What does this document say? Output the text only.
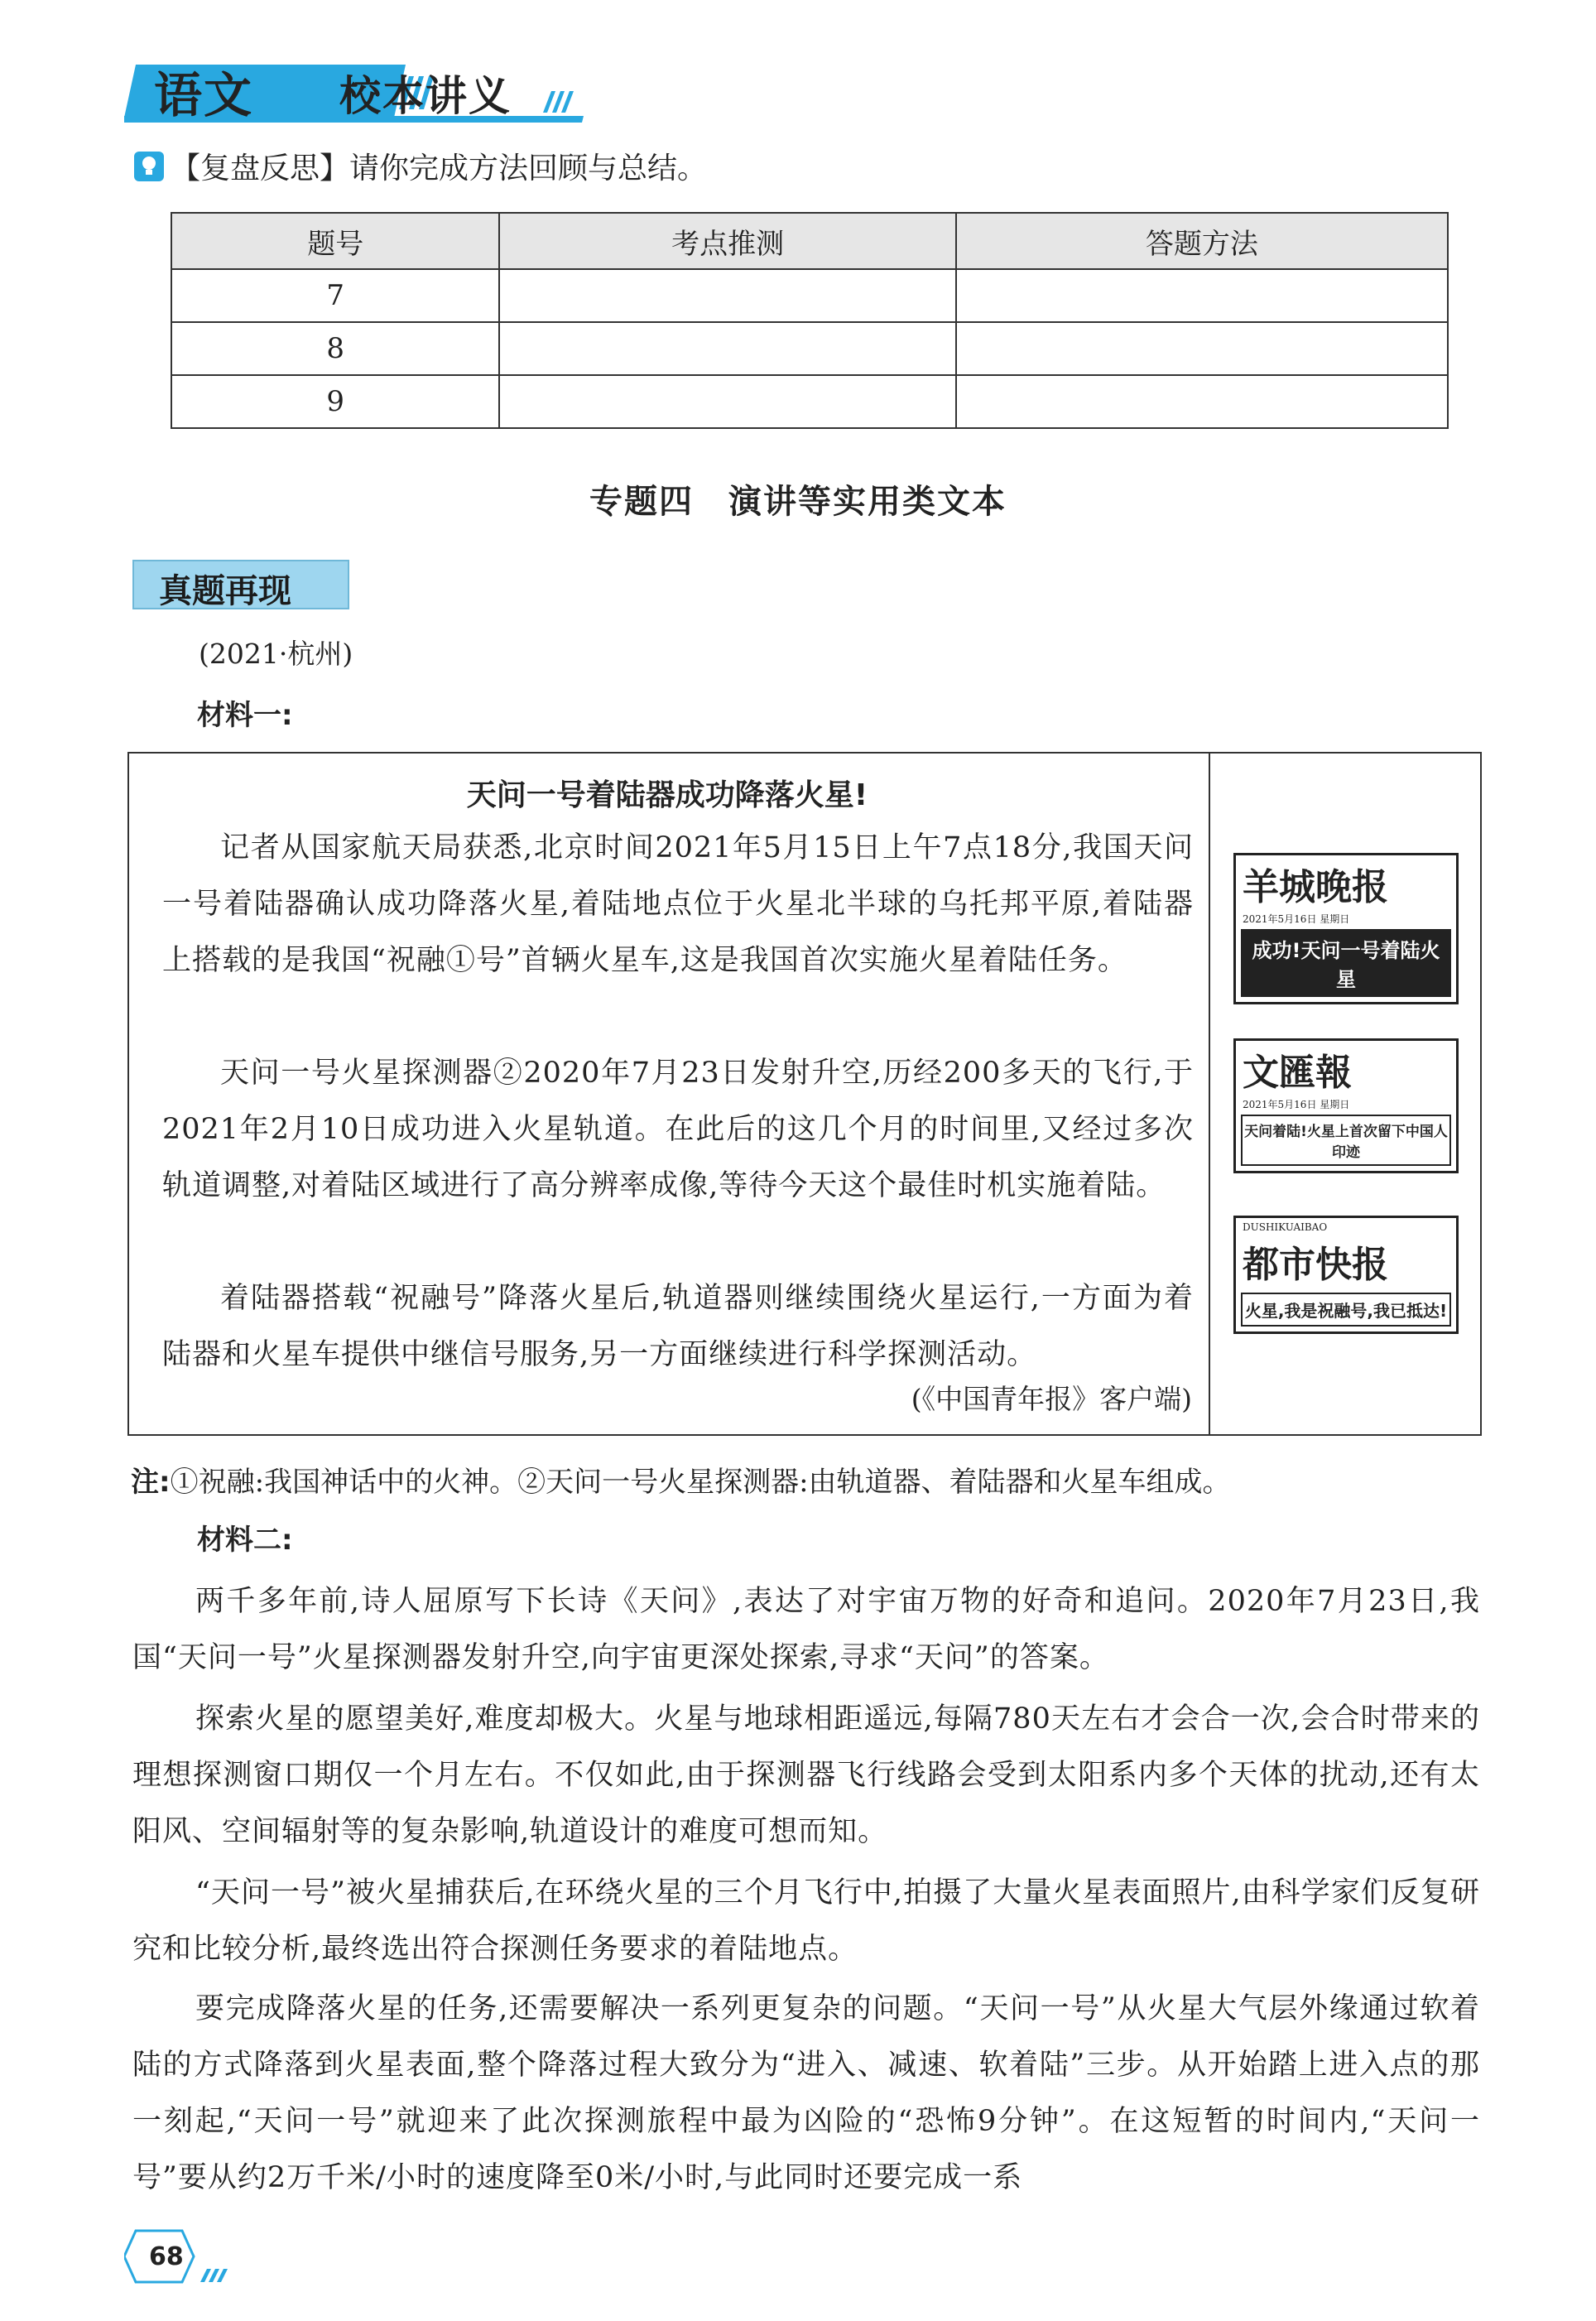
语文 校本讲义
【复盘反思】请你完成方法回顾与总结。
题号	考点推测	答题方法
7		
8		
9		
专题四　演讲等实用类文本
真题再现
(2021·杭州)
材料一:
天问一号着陆器成功降落火星!
记者从国家航天局获悉,北京时间2021年5月15日上午7点18分,我国天问一号着陆器确认成功降落火星,着陆地点位于火星北半球的乌托邦平原,着陆器上搭载的是我国“祝融①号”首辆火星车,这是我国首次实施火星着陆任务。
天问一号火星探测器②2020年7月23日发射升空,历经200多天的飞行,于2021年2月10日成功进入火星轨道。在此后的这几个月的时间里,又经过多次轨道调整,对着陆区域进行了高分辨率成像,等待今天这个最佳时机实施着陆。
着陆器搭载“祝融号”降落火星后,轨道器则继续围绕火星运行,一方面为着陆器和火星车提供中继信号服务,另一方面继续进行科学探测活动。
(《中国青年报》客户端)
羊城晚报
2021年5月16日 星期日
成功!天问一号着陆火星
文匯報
2021年5月16日 星期日
天问着陆!火星上首次留下中国人印迹
DUSHIKUAIBAO
都市快报
火星,我是祝融号,我已抵达!
注:①祝融:我国神话中的火神。②天问一号火星探测器:由轨道器、着陆器和火星车组成。
材料二:
两千多年前,诗人屈原写下长诗《天问》,表达了对宇宙万物的好奇和追问。2020年7月23日,我国“天问一号”火星探测器发射升空,向宇宙更深处探索,寻求“天问”的答案。
探索火星的愿望美好,难度却极大。火星与地球相距遥远,每隔780天左右才会合一次,会合时带来的理想探测窗口期仅一个月左右。不仅如此,由于探测器飞行线路会受到太阳系内多个天体的扰动,还有太阳风、空间辐射等的复杂影响,轨道设计的难度可想而知。
“天问一号”被火星捕获后,在环绕火星的三个月飞行中,拍摄了大量火星表面照片,由科学家们反复研究和比较分析,最终选出符合探测任务要求的着陆地点。
要完成降落火星的任务,还需要解决一系列更复杂的问题。“天问一号”从火星大气层外缘通过软着陆的方式降落到火星表面,整个降落过程大致分为“进入、减速、软着陆”三步。从开始踏上进入点的那一刻起,“天问一号”就迎来了此次探测旅程中最为凶险的“恐怖9分钟”。在这短暂的时间内,“天问一号”要从约2万千米/小时的速度降至0米/小时,与此同时还要完成一系
68
